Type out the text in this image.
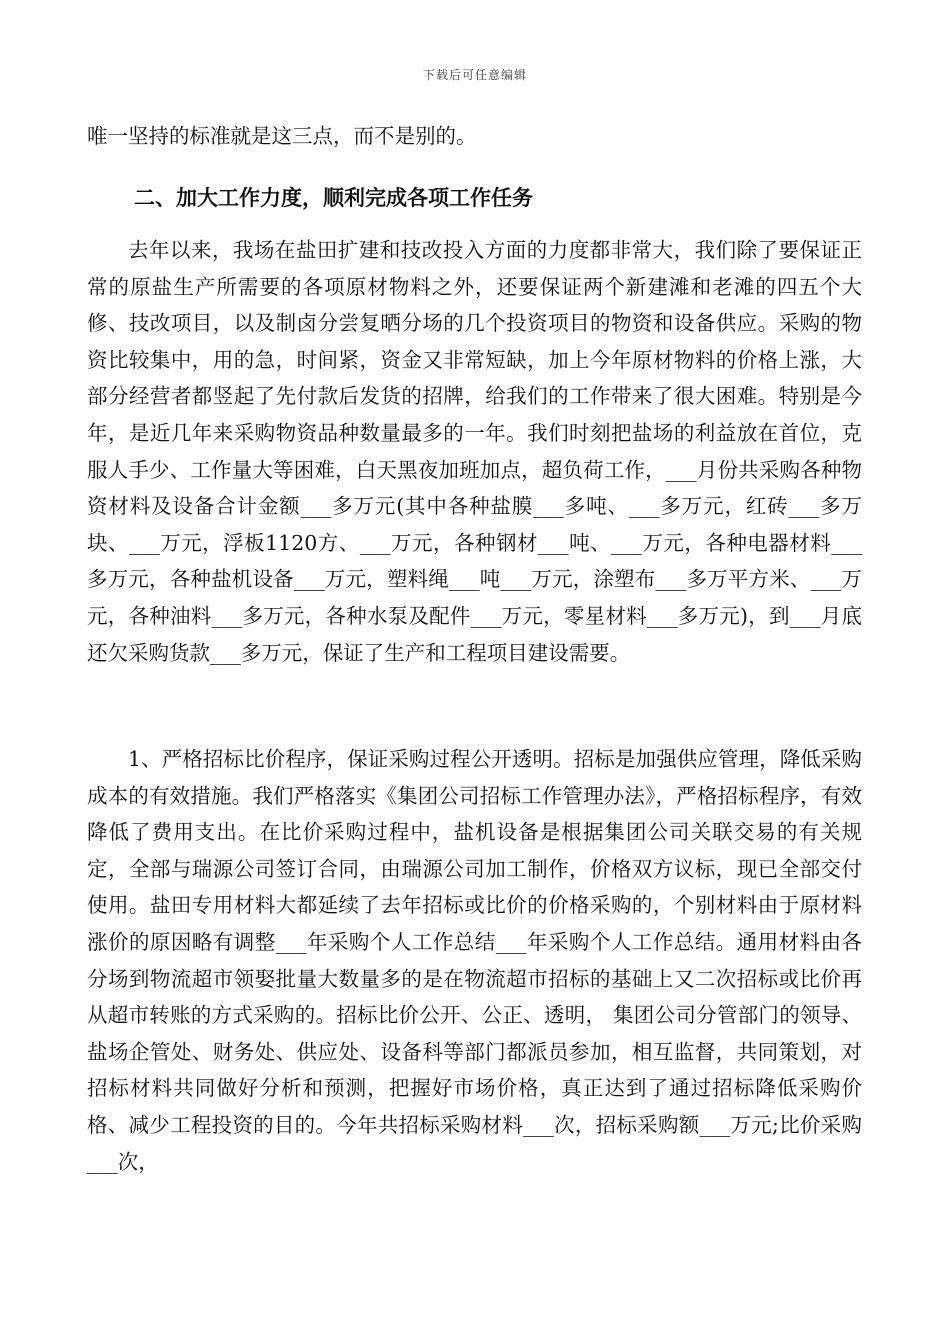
下载后可任意编辑

唯一坚持的标准就是这三点，而不是别的。

二、加大工作力度，顺利完成各项工作任务

去年以来，我场在盐田扩建和技改投入方面的力度都非常大，我们除了要保证正常的原盐生产所需要的各项原材物料之外，还要保证两个新建滩和老滩的四五个大修、技改项目，以及制卤分尝复晒分场的几个投资项目的物资和设备供应。采购的物资比较集中，用的急，时间紧，资金又非常短缺，加上今年原材物料的价格上涨，大部分经营者都竖起了先付款后发货的招牌，给我们的工作带来了很大困难。特别是今年，是近几年来采购物资品种数量最多的一年。我们时刻把盐场的利益放在首位，克服人手少、工作量大等困难，白天黑夜加班加点，超负荷工作，___月份共采购各种物资材料及设备合计金额___多万元(其中各种盐膜___多吨、___多万元，红砖___多万块、___万元，浮板1120方、___万元，各种钢材___吨、___万元，各种电器材料___多万元，各种盐机设备___万元，塑料绳___吨___万元，涂塑布___多万平方米、___万元，各种油料___多万元，各种水泵及配件___万元，零星材料___多万元)，到___月底还欠采购货款___多万元，保证了生产和工程项目建设需要。

1、严格招标比价程序，保证采购过程公开透明。招标是加强供应管理，降低采购成本的有效措施。我们严格落实《集团公司招标工作管理办法》，严格招标程序，有效降低了费用支出。在比价采购过程中，盐机设备是根据集团公司关联交易的有关规定，全部与瑞源公司签订合同，由瑞源公司加工制作，价格双方议标，现已全部交付使用。盐田专用材料大都延续了去年招标或比价的价格采购的，个别材料由于原材料涨价的原因略有调整___年采购个人工作总结___年采购个人工作总结。通用材料由各分场到物流超市领娶批量大数量多的是在物流超市招标的基础上又二次招标或比价再从超市转账的方式采购的。招标比价公开、公正、透明， 集团公司分管部门的领导、盐场企管处、财务处、供应处、设备科等部门都派员参加，相互监督，共同策划，对招标材料共同做好分析和预测，把握好市场价格，真正达到了通过招标降低采购价格、减少工程投资的目的。今年共招标采购材料___次，招标采购额___万元;比价采购___次，
